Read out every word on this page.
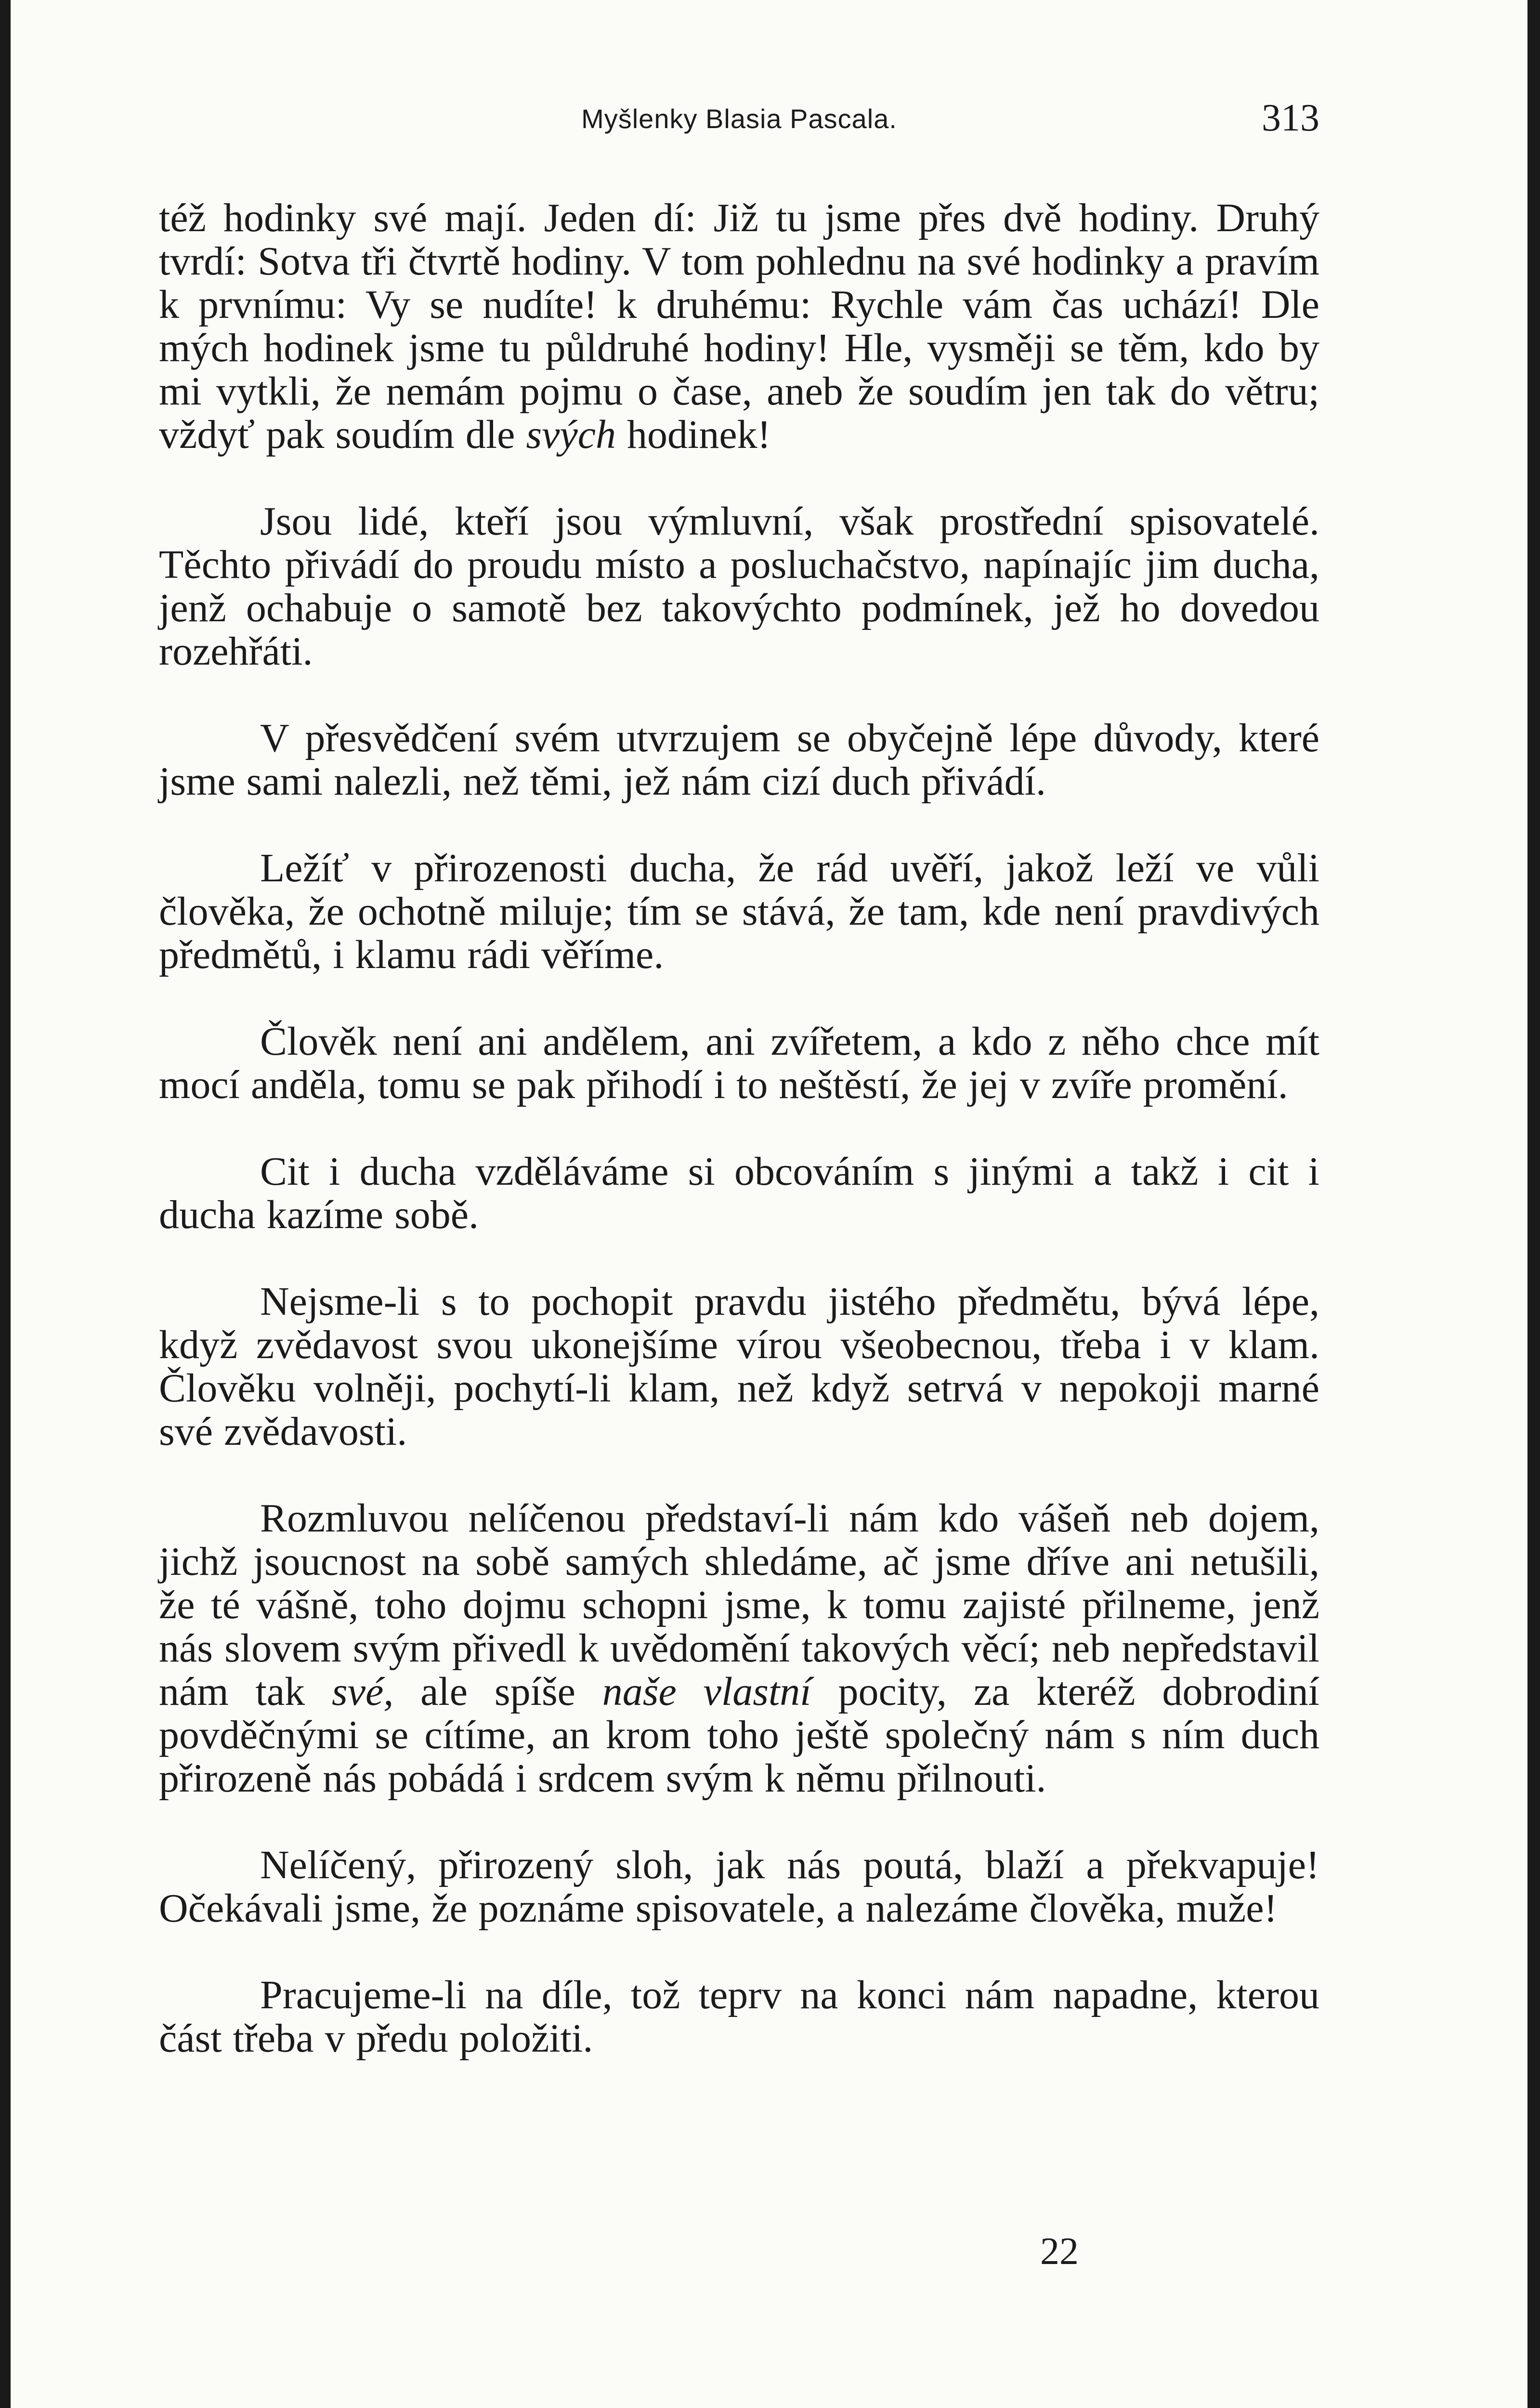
Myšlenky Blasia Pascala.	313

též hodinky své mají. Jeden dí: Již tu jsme přes dvě hodiny. Druhý tvrdí: Sotva tři čtvrtě hodiny. V tom pohlednu na své hodinky a pravím k prvnímu: Vy se nudíte! k druhému: Rychle vám čas uchází! Dle mých hodinek jsme tu půldruhé hodiny! Hle, vysměji se těm, kdo by mi vytkli, že nemám pojmu o čase, aneb že soudím jen tak do větru; vždyť pak soudím dle svých hodinek!

Jsou lidé, kteří jsou výmluvní, však prostřední spisovatelé. Těchto přivádí do proudu místo a posluchačstvo, napínajíc jim ducha, jenž ochabuje o samotě bez takovýchto podmínek, jež ho dovedou rozehřáti.

V přesvědčení svém utvrzujem se obyčejně lépe důvody, které jsme sami nalezli, než těmi, jež nám cizí duch přivádí.

Ležíť v přirozenosti ducha, že rád uvěří, jakož leží ve vůli člověka, že ochotně miluje; tím se stává, že tam, kde není pravdivých předmětů, i klamu rádi věříme.

Člověk není ani andělem, ani zvířetem, a kdo z něho chce mít mocí anděla, tomu se pak přihodí i to neštěstí, že jej v zvíře promění.

Cit i ducha vzděláváme si obcováním s jinými a takž i cit i ducha kazíme sobě.

Nejsme-li s to pochopit pravdu jistého předmětu, bývá lépe, když zvědavost svou ukonejšíme vírou všeobecnou, třeba i v klam. Člověku volněji, pochytí-li klam, než když setrvá v nepokoji marné své zvědavosti.

Rozmluvou nelíčenou představí-li nám kdo vášeň neb dojem, jichž jsoucnost na sobě samých shledáme, ač jsme dříve ani netušili, že té vášně, toho dojmu schopni jsme, k tomu zajisté přilneme, jenž nás slovem svým přivedl k uvědomění takových věcí; neb nepředstavil nám tak své, ale spíše naše vlastní pocity, za kteréž dobrodiní povděčnými se cítíme, an krom toho ještě společný nám s ním duch přirozeně nás pobádá i srdcem svým k němu přilnouti.

Nelíčený, přirozený sloh, jak nás poutá, blaží a překvapuje! Očekávali jsme, že poznáme spisovatele, a nalezáme člověka, muže!

Pracujeme-li na díle, tož teprv na konci nám napadne, kterou část třeba v předu položiti.

22
